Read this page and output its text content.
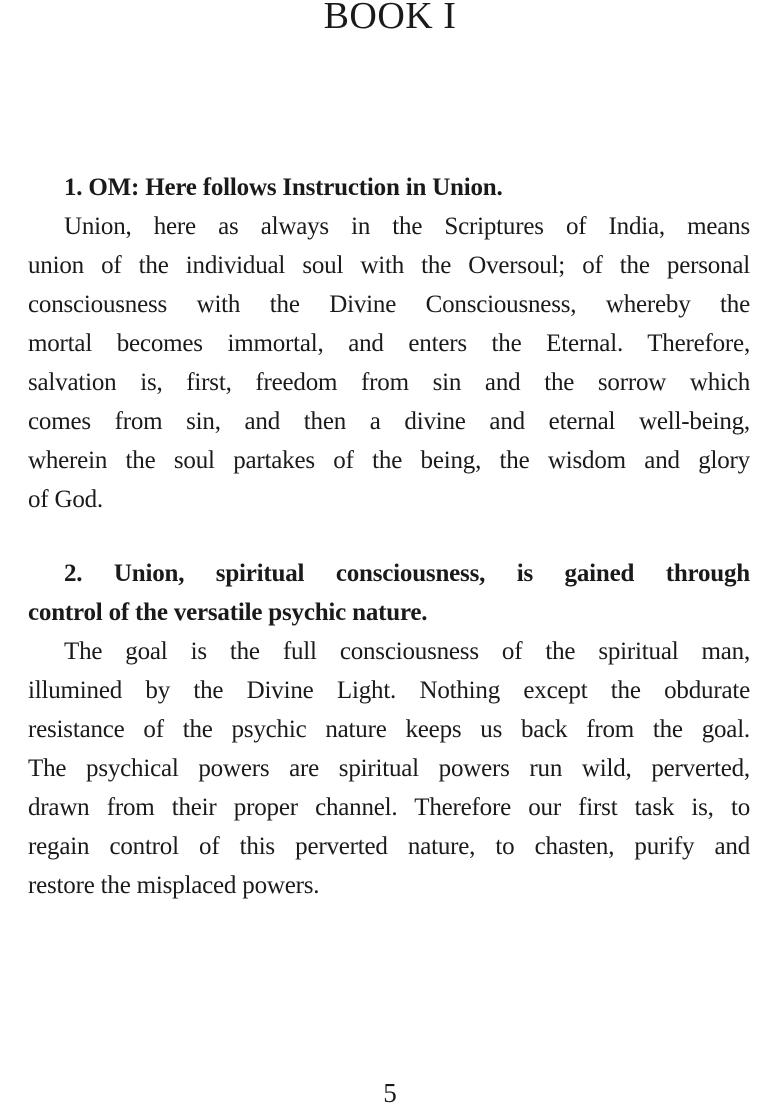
BOOK I
1. OM: Here follows Instruction in Union.
Union, here as always in the Scriptures of India, means
union of the individual soul with the Oversoul; of the personal
consciousness with the Divine Consciousness, whereby the
mortal becomes immortal, and enters the Eternal. Therefore,
salvation is, first, freedom from sin and the sorrow which
comes from sin, and then a divine and eternal well-being,
wherein the soul partakes of the being, the wisdom and glory
of God.
2. Union, spiritual consciousness, is gained through
control of the versatile psychic nature.
The goal is the full consciousness of the spiritual man,
illumined by the Divine Light. Nothing except the obdurate
resistance of the psychic nature keeps us back from the goal.
The psychical powers are spiritual powers run wild, perverted,
drawn from their proper channel. Therefore our first task is, to
regain control of this perverted nature, to chasten, purify and
restore the misplaced powers.
5
